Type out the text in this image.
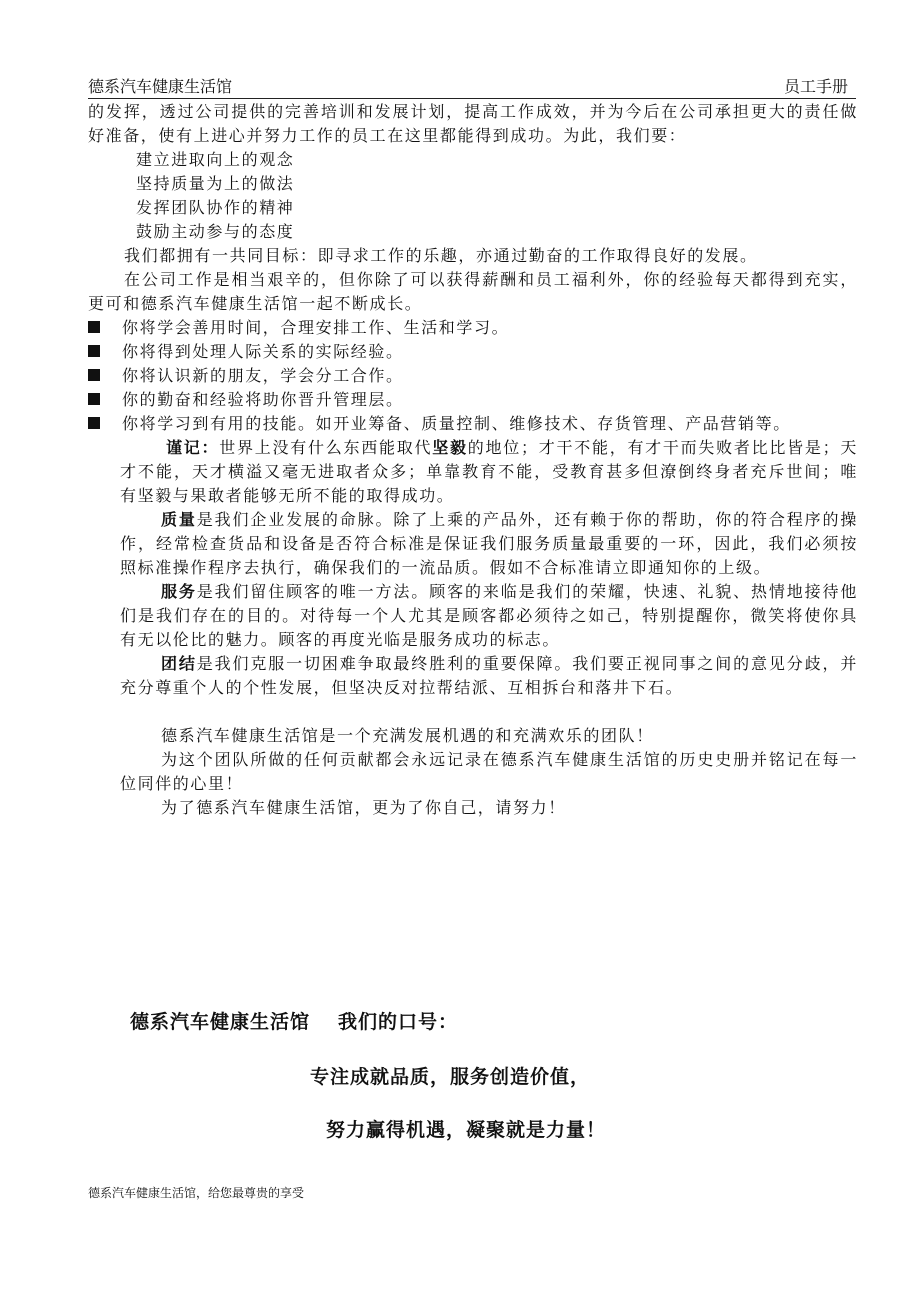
德系汽车健康生活馆	员工手册

的发挥，透过公司提供的完善培训和发展计划，提高工作成效，并为今后在公司承担更大的责任做好准备，使有上进心并努力工作的员工在这里都能得到成功。为此，我们要：

建立进取向上的观念

坚持质量为上的做法

发挥团队协作的精神

鼓励主动参与的态度

我们都拥有一共同目标：即寻求工作的乐趣，亦通过勤奋的工作取得良好的发展。

在公司工作是相当艰辛的，但你除了可以获得薪酬和员工福利外，你的经验每天都得到充实，更可和德系汽车健康生活馆一起不断成长。

你将学会善用时间，合理安排工作、生活和学习。
你将得到处理人际关系的实际经验。
你将认识新的朋友，学会分工合作。
你的勤奋和经验将助你晋升管理层。
你将学习到有用的技能。如开业筹备、质量控制、维修技术、存货管理、产品营销等。

谨记：世界上没有什么东西能取代坚毅的地位；才干不能，有才干而失败者比比皆是；天才不能，天才横溢又毫无进取者众多；单靠教育不能，受教育甚多但潦倒终身者充斥世间；唯有坚毅与果敢者能够无所不能的取得成功。

质量是我们企业发展的命脉。除了上乘的产品外，还有赖于你的帮助，你的符合程序的操作，经常检查货品和设备是否符合标准是保证我们服务质量最重要的一环，因此，我们必须按照标准操作程序去执行，确保我们的一流品质。假如不合标准请立即通知你的上级。

服务是我们留住顾客的唯一方法。顾客的来临是我们的荣耀，快速、礼貌、热情地接待他们是我们存在的目的。对待每一个人尤其是顾客都必须待之如己，特别提醒你，微笑将使你具有无以伦比的魅力。顾客的再度光临是服务成功的标志。

团结是我们克服一切困难争取最终胜利的重要保障。我们要正视同事之间的意见分歧，并充分尊重个人的个性发展，但坚决反对拉帮结派、互相拆台和落井下石。

德系汽车健康生活馆是一个充满发展机遇的和充满欢乐的团队！

为这个团队所做的任何贡献都会永远记录在德系汽车健康生活馆的历史史册并铭记在每一位同伴的心里！

为了德系汽车健康生活馆，更为了你自己，请努力！

德系汽车健康生活馆 我们的口号：
专注成就品质，服务创造价值，
努力赢得机遇，凝聚就是力量！
德系汽车健康生活馆，给您最尊贵的享受
